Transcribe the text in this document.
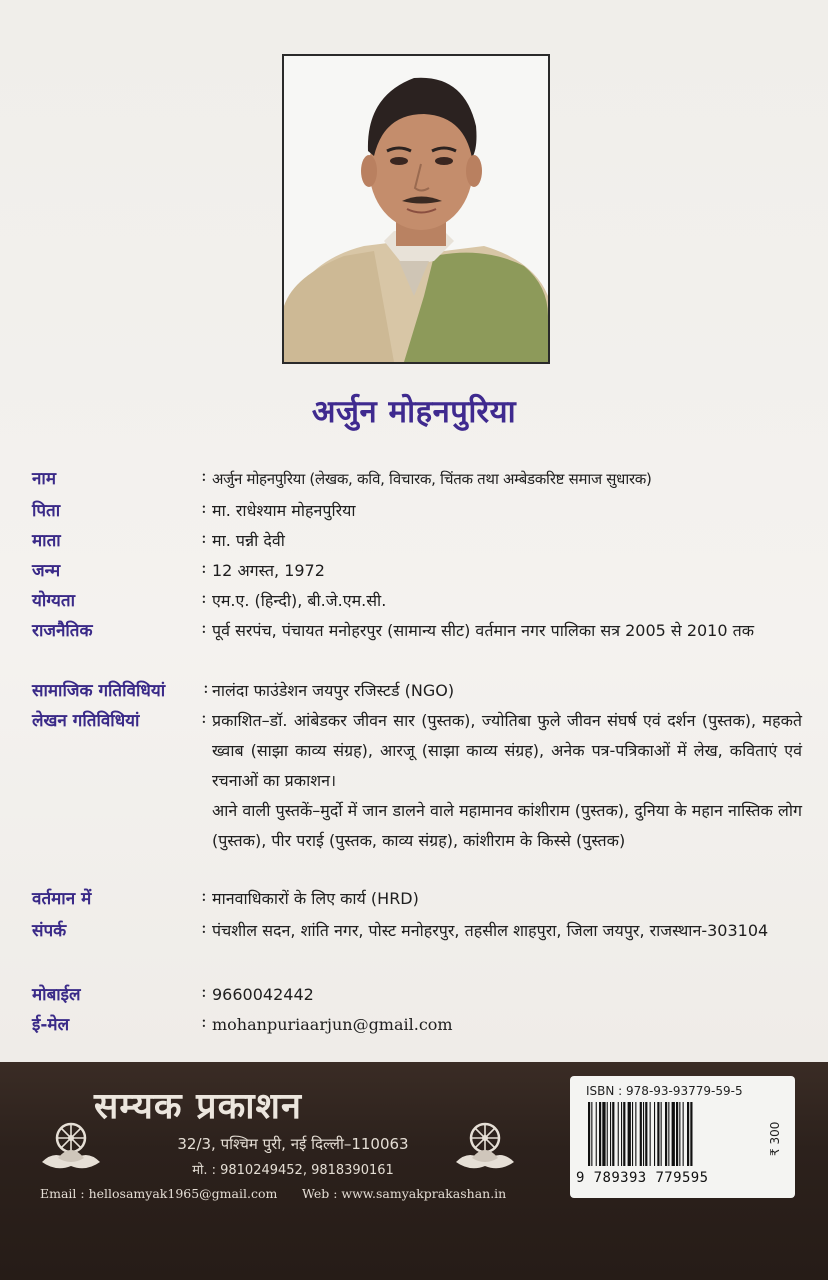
अर्जुन मोहनपुरिया
नाम	: अर्जुन मोहनपुरिया (लेखक, कवि, विचारक, चिंतक तथा अम्बेडकरिष्ट समाज सुधारक)
पिता	: मा. राधेश्याम मोहनपुरिया
माता	: मा. पन्नी देवी
जन्म	: 12 अगस्त, 1972
योग्यता	: एम.ए. (हिन्दी), बी.जे.एम.सी.
राजनैतिक	: पूर्व सरपंच, पंचायत मनोहरपुर (सामान्य सीट) वर्तमान नगर पालिका सत्र 2005 से 2010 तक
सामाजिक गतिविधियां : नालंदा फाउंडेशन जयपुर रजिस्टर्ड (NGO)
लेखन गतिविधियां	: प्रकाशित–डॉ. आंबेडकर जीवन सार (पुस्तक), ज्योतिबा फुले जीवन संघर्ष एवं दर्शन (पुस्तक), महकते ख्वाब (साझा काव्य संग्रह), आरजू (साझा काव्य संग्रह), अनेक पत्र-पत्रिकाओं में लेख, कविताएं एवं रचनाओं का प्रकाशन।
आने वाली पुस्तकें–मुर्दो में जान डालने वाले महामानव कांशीराम (पुस्तक), दुनिया के महान नास्तिक लोग (पुस्तक), पीर पराई (पुस्तक, काव्य संग्रह), कांशीराम के किस्से (पुस्तक)
वर्तमान में	: मानवाधिकारों के लिए कार्य (HRD)
संपर्क	: पंचशील सदन, शांति नगर, पोस्ट मनोहरपुर, तहसील शाहपुरा, जिला जयपुर, राजस्थान-303104
मोबाईल	: 9660042442
ई-मेल	: mohanpuriaarjun@gmail.com
सम्यक प्रकाशन
32/3, पश्चिम पुरी, नई दिल्ली–110063
मो. : 9810249452, 9818390161
Email : hellosamyak1965@gmail.com Web : www.samyakprakashan.in
ISBN : 978-93-93779-59-5
9 789393 779595
₹ 300
